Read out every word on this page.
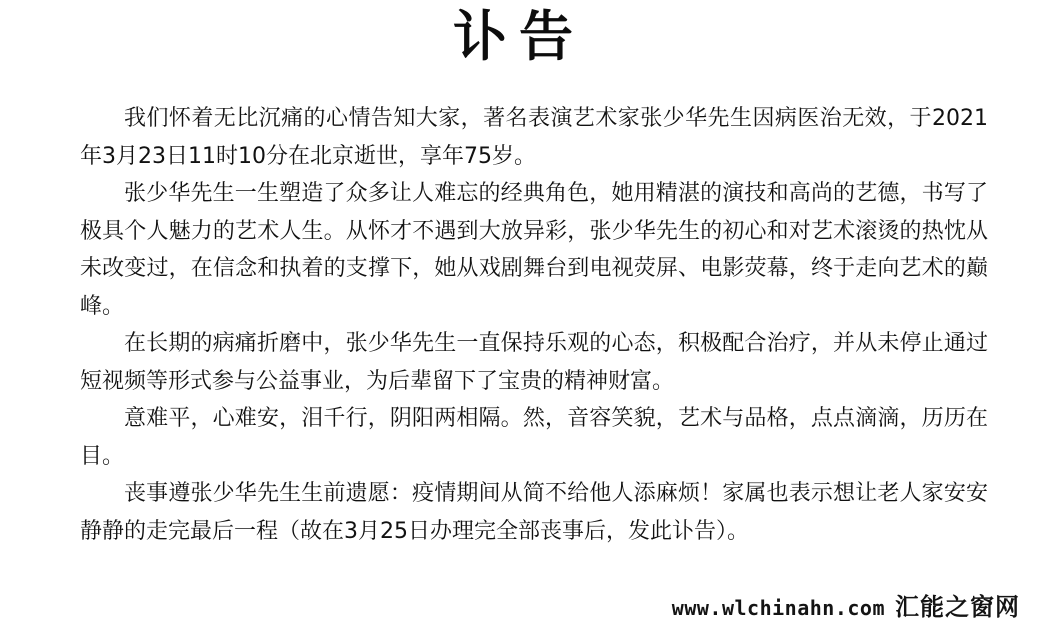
讣告

我们怀着无比沉痛的心情告知大家，著名表演艺术家张少华先生因病医治无效，于2021年3月23日11时10分在北京逝世，享年75岁。

张少华先生一生塑造了众多让人难忘的经典角色，她用精湛的演技和高尚的艺德，书写了极具个人魅力的艺术人生。从怀才不遇到大放异彩，张少华先生的初心和对艺术滚烫的热忱从未改变过，在信念和执着的支撑下，她从戏剧舞台到电视荧屏、电影荧幕，终于走向艺术的巅峰。

在长期的病痛折磨中，张少华先生一直保持乐观的心态，积极配合治疗，并从未停止通过短视频等形式参与公益事业，为后辈留下了宝贵的精神财富。

意难平，心难安，泪千行，阴阳两相隔。然，音容笑貌，艺术与品格，点点滴滴，历历在目。

丧事遵张少华先生生前遗愿：疫情期间从简不给他人添麻烦！家属也表示想让老人家安安静静的走完最后一程（故在3月25日办理完全部丧事后，发此讣告）。

www.wlchinahn.com 汇能之窗网
